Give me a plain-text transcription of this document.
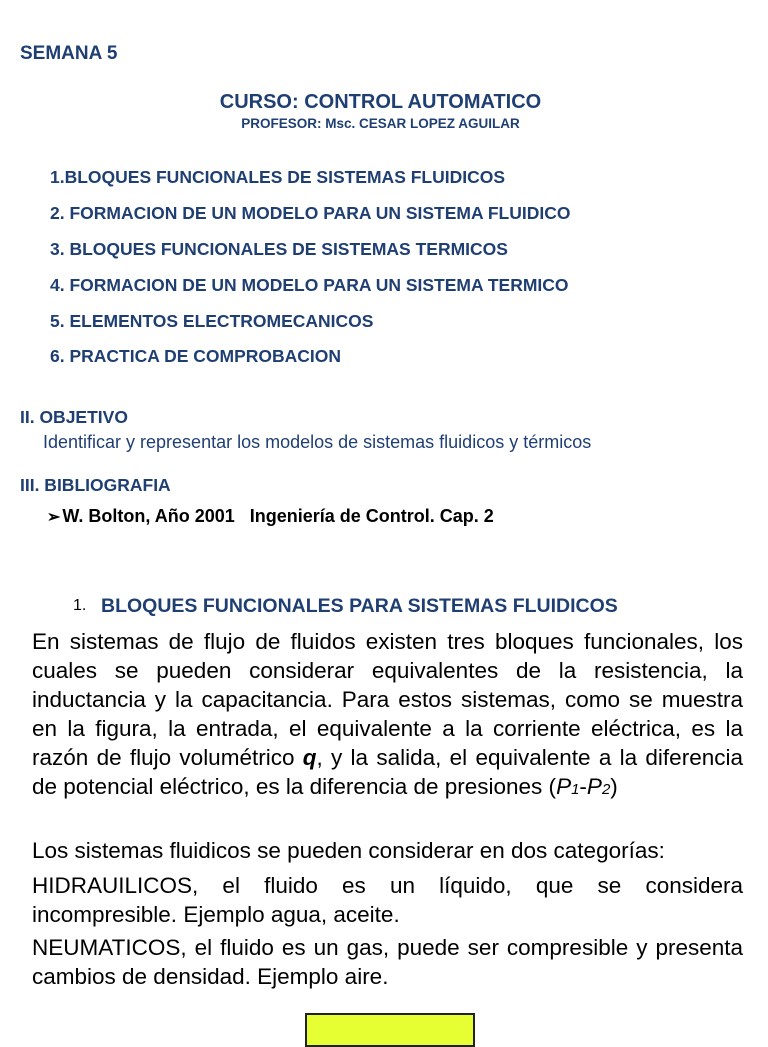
SEMANA 5
CURSO: CONTROL AUTOMATICO
PROFESOR: Msc. CESAR LOPEZ AGUILAR
1.BLOQUES FUNCIONALES DE SISTEMAS FLUIDICOS
2. FORMACION DE UN MODELO PARA UN SISTEMA FLUIDICO
3. BLOQUES FUNCIONALES DE SISTEMAS TERMICOS
4. FORMACION DE UN MODELO PARA UN SISTEMA TERMICO
5. ELEMENTOS ELECTROMECANICOS
6. PRACTICA DE COMPROBACION
II. OBJETIVO
Identificar y representar los modelos de sistemas fluidicos y térmicos
III. BIBLIOGRAFIA
➢ W. Bolton, Año 2001   Ingeniería de Control. Cap. 2
1. BLOQUES FUNCIONALES PARA SISTEMAS FLUIDICOS
En sistemas de flujo de fluidos existen tres bloques funcionales, los cuales se pueden considerar equivalentes de la resistencia, la inductancia y la capacitancia. Para estos sistemas, como se muestra en la figura, la entrada, el equivalente a la corriente eléctrica, es la razón de flujo volumétrico q, y la salida, el equivalente a la diferencia de potencial eléctrico, es la diferencia de presiones (P1-P2)
Los sistemas fluidicos se pueden considerar en dos categorías:
HIDRAUILICOS, el fluido es un líquido, que se considera incompresible. Ejemplo agua, aceite.
NEUMATICOS, el fluido es un gas, puede ser compresible y presenta cambios de densidad. Ejemplo aire.
